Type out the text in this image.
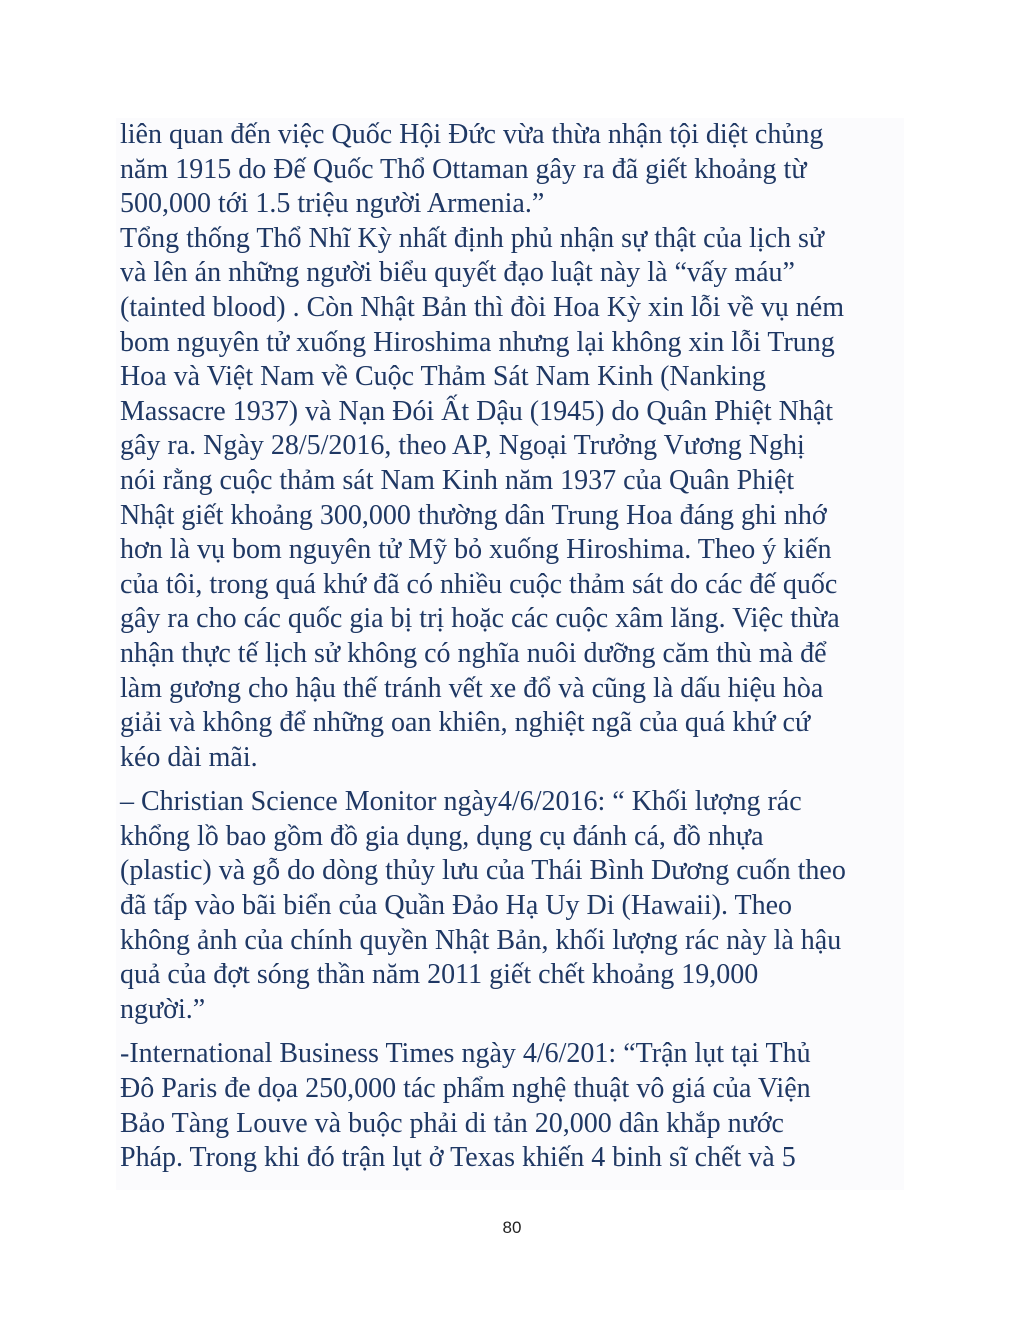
liên quan đến việc Quốc Hội Đức vừa thừa nhận tội diệt chủng
năm 1915 do Đế Quốc Thổ Ottaman gây ra đã giết khoảng từ
500,000 tới 1.5 triệu người Armenia.”

Tổng thống Thổ Nhĩ Kỳ nhất định phủ nhận sự thật của lịch sử
và lên án những người biểu quyết đạo luật này là “vấy máu”
(tainted blood) . Còn Nhật Bản thì đòi Hoa Kỳ xin lỗi về vụ ném
bom nguyên tử xuống Hiroshima nhưng lại không xin lỗi Trung
Hoa và Việt Nam về Cuộc Thảm Sát Nam Kinh (Nanking
Massacre 1937) và Nạn Đói Ất Dậu (1945) do Quân Phiệt Nhật
gây ra. Ngày 28/5/2016, theo AP, Ngoại Trưởng Vương Nghị
nói rằng cuộc thảm sát Nam Kinh năm 1937 của Quân Phiệt
Nhật giết khoảng 300,000 thường dân Trung Hoa đáng ghi nhớ
hơn là vụ bom nguyên tử Mỹ bỏ xuống Hiroshima. Theo ý kiến
của tôi, trong quá khứ đã có nhiều cuộc thảm sát do các đế quốc
gây ra cho các quốc gia bị trị hoặc các cuộc xâm lăng. Việc thừa
nhận thực tế lịch sử không có nghĩa nuôi dưỡng căm thù mà để
làm gương cho hậu thế tránh vết xe đổ và cũng là dấu hiệu hòa
giải và không để những oan khiên, nghiệt ngã của quá khứ cứ
kéo dài mãi.

– Christian Science Monitor ngày4/6/2016: “ Khối lượng rác
khổng lồ bao gồm đồ gia dụng, dụng cụ đánh cá, đồ nhựa
(plastic) và gỗ do dòng thủy lưu của Thái Bình Dương cuốn theo
đã tấp vào bãi biển của Quần Đảo Hạ Uy Di (Hawaii). Theo
không ảnh của chính quyền Nhật Bản, khối lượng rác này là hậu
quả của đợt sóng thần năm 2011 giết chết khoảng 19,000
người.”

-International Business Times ngày 4/6/201: “Trận lụt tại Thủ
Đô Paris đe dọa 250,000 tác phẩm nghệ thuật vô giá của Viện
Bảo Tàng Louve và buộc phải di tản 20,000 dân khắp nước
Pháp. Trong khi đó trận lụt ở Texas khiến 4 binh sĩ chết và 5

80
